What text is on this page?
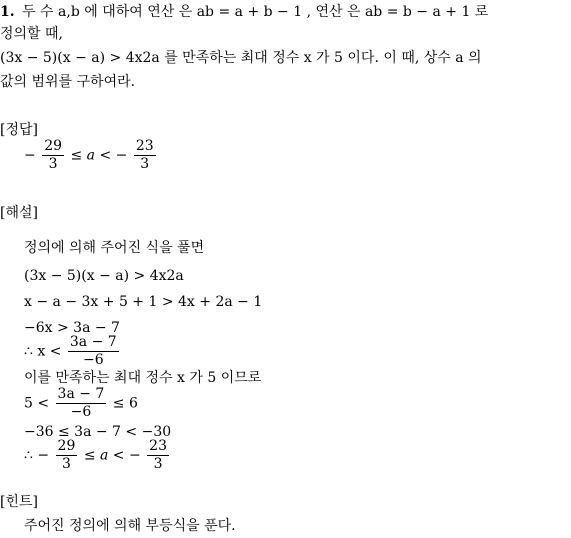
1. 두 수 a,b 에 대하여 연산 은 ab = a + b − 1 , 연산 은 ab = b − a + 1 로
정의할 때,
(3x − 5)(x − a) > 4x2a 를 만족하는 최대 정수 x 가 5 이다. 이 때, 상수 a 의
값의 범위를 구하여라.
[정답]
− $\frac{29}{3} \le a$ < − $\frac{23}{3}$
[해설]
정의에 의해 주어진 식을 풀면
(3x − 5)(x − a) > 4x2a
x − a − 3x + 5 + 1 > 4x + 2a − 1
−6x > 3a − 7
∴ $x < \frac{3a - 7}{-6}$
이를 만족하는 최대 정수 x 가 5 이므로
$5 < \frac{3a - 7}{-6} \le 6$
−36 ≤ 3a − 7 < −30
∴ − $\frac{29}{3} \le a$ < − $\frac{23}{3}$
[힌트]
주어진 정의에 의해 부등식을 푼다.
